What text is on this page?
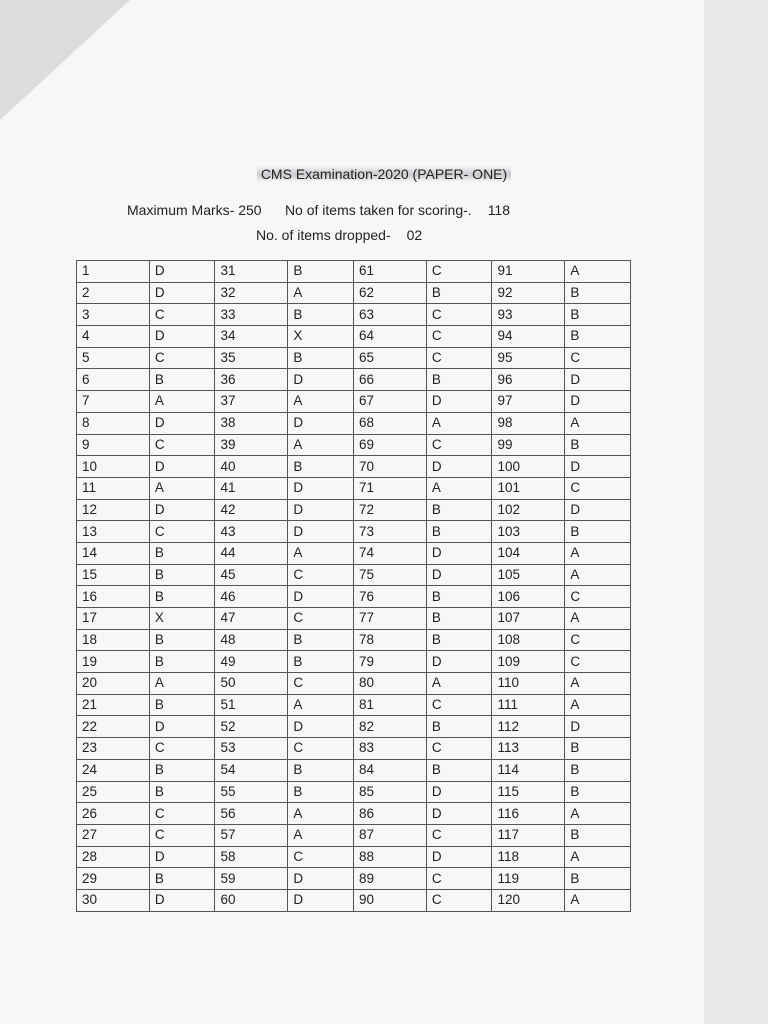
CMS Examination-2020 (PAPER- ONE)
Maximum Marks- 250 No of items taken for scoring-. 118
No. of items dropped- 02
1	D	31	B	61	C	91	A
2	D	32	A	62	B	92	B
3	C	33	B	63	C	93	B
4	D	34	X	64	C	94	B
5	C	35	B	65	C	95	C
6	B	36	D	66	B	96	D
7	A	37	A	67	D	97	D
8	D	38	D	68	A	98	A
9	C	39	A	69	C	99	B
10	D	40	B	70	D	100	D
11	A	41	D	71	A	101	C
12	D	42	D	72	B	102	D
13	C	43	D	73	B	103	B
14	B	44	A	74	D	104	A
15	B	45	C	75	D	105	A
16	B	46	D	76	B	106	C
17	X	47	C	77	B	107	A
18	B	48	B	78	B	108	C
19	B	49	B	79	D	109	C
20	A	50	C	80	A	110	A
21	B	51	A	81	C	111	A
22	D	52	D	82	B	112	D
23	C	53	C	83	C	113	B
24	B	54	B	84	B	114	B
25	B	55	B	85	D	115	B
26	C	56	A	86	D	116	A
27	C	57	A	87	C	117	B
28	D	58	C	88	D	118	A
29	B	59	D	89	C	119	B
30	D	60	D	90	C	120	A
